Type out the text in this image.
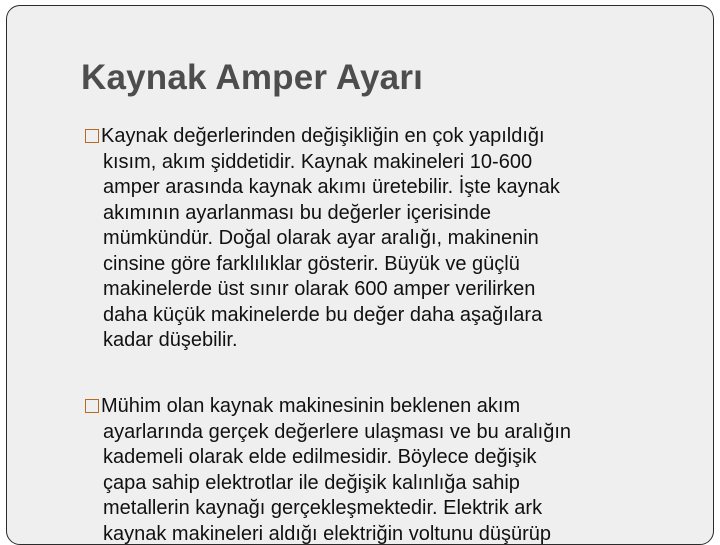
Kaynak Amper Ayarı
Kaynak değerlerinden değişikliğin en çok yapıldığı
kısım, akım şiddetidir. Kaynak makineleri 10-600
amper arasında kaynak akımı üretebilir. İşte kaynak
akımının ayarlanması bu değerler içerisinde
mümkündür. Doğal olarak ayar aralığı, makinenin
cinsine göre farklılıklar gösterir. Büyük ve güçlü
makinelerde üst sınır olarak 600 amper verilirken
daha küçük makinelerde bu değer daha aşağılara
kadar düşebilir.
Mühim olan kaynak makinesinin beklenen akım
ayarlarında gerçek değerlere ulaşması ve bu aralığın
kademeli olarak elde edilmesidir. Böylece değişik
çapa sahip elektrotlar ile değişik kalınlığa sahip
metallerin kaynağı gerçekleşmektedir. Elektrik ark
kaynak makineleri aldığı elektriğin voltunu düşürüp
